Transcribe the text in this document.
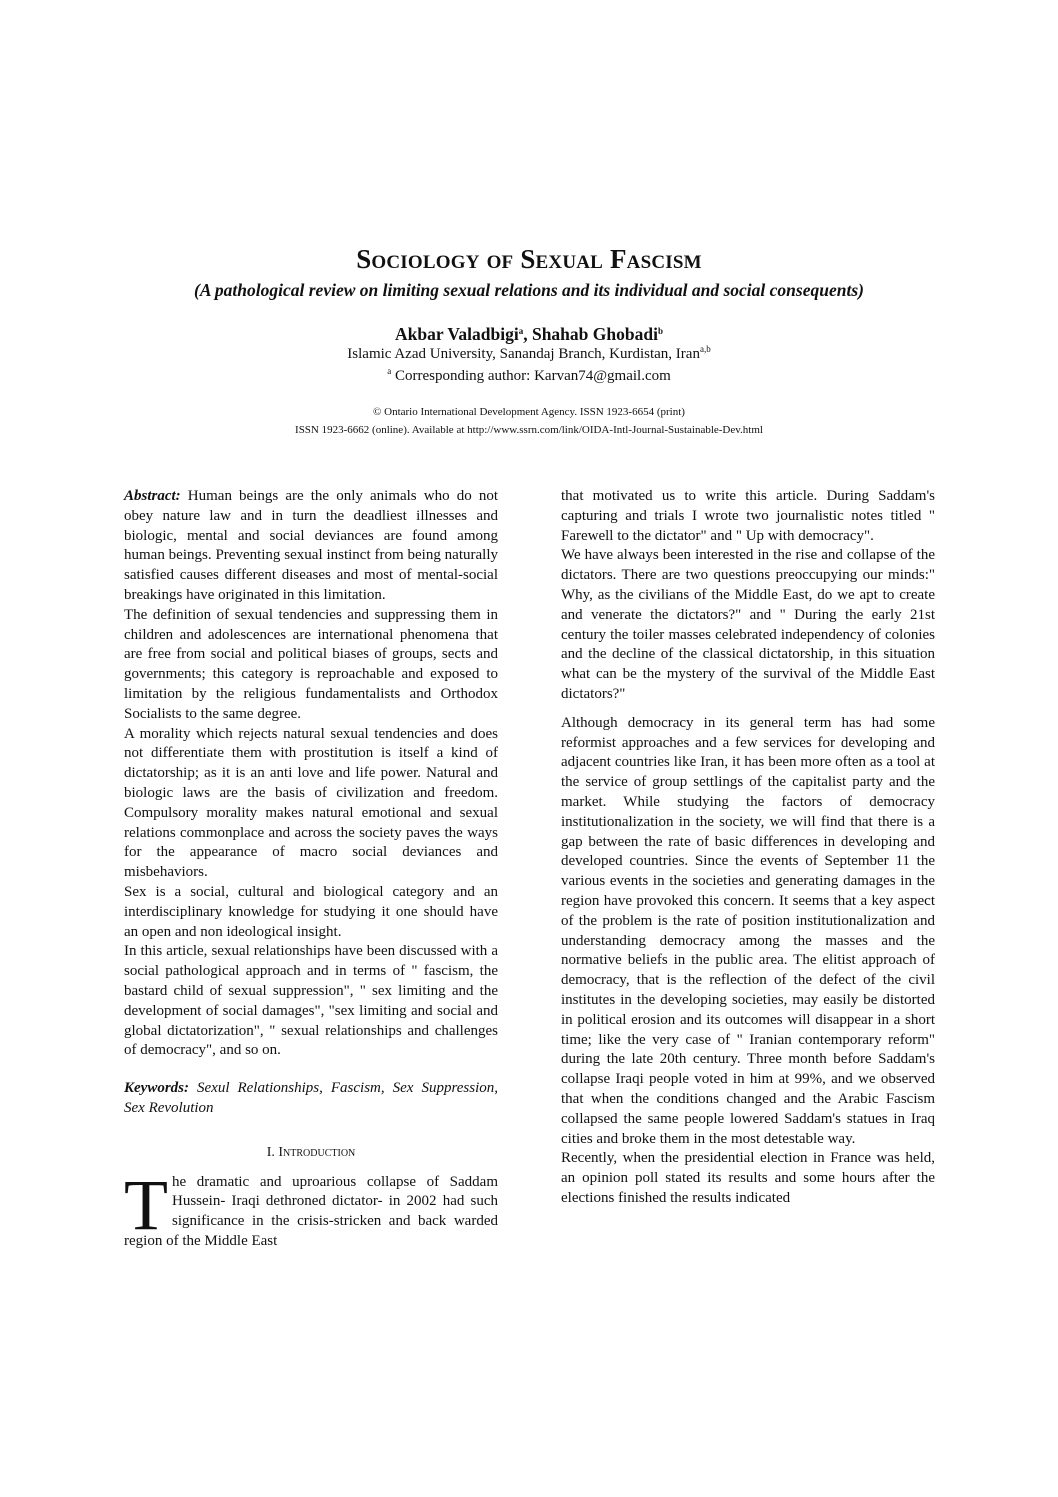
Sociology of Sexual Fascism

(A pathological review on limiting sexual relations and its individual and social consequents)

Akbar Valadbigi$^a$, Shahab Ghobadi$^b$

Islamic Azad University, Sanandaj Branch, Kurdistan, Iran$^{a,b}$

$^a$ Corresponding author: Karvan74@gmail.com

© Ontario International Development Agency. ISSN 1923-6654 (print)

ISSN 1923-6662 (online). Available at http://www.ssrn.com/link/OIDA-Intl-Journal-Sustainable-Dev.html

Abstract: Human beings are the only animals who do not obey nature law and in turn the deadliest illnesses and biologic, mental and social deviances are found among human beings. Preventing sexual instinct from being naturally satisfied causes different diseases and most of mental-social breakings have originated in this limitation.

The definition of sexual tendencies and suppressing them in children and adolescences are international phenomena that are free from social and political biases of groups, sects and governments; this category is reproachable and exposed to limitation by the religious fundamentalists and Orthodox Socialists to the same degree.

A morality which rejects natural sexual tendencies and does not differentiate them with prostitution is itself a kind of dictatorship; as it is an anti love and life power. Natural and biologic laws are the basis of civilization and freedom. Compulsory morality makes natural emotional and sexual relations commonplace and across the society paves the ways for the appearance of macro social deviances and misbehaviors.

Sex is a social, cultural and biological category and an interdisciplinary knowledge for studying it one should have an open and non ideological insight.

In this article, sexual relationships have been discussed with a social pathological approach and in terms of " fascism, the bastard child of sexual suppression", " sex limiting and the development of social damages", "sex limiting and social and global dictatorization", " sexual relationships and challenges of democracy", and so on.

Keywords: Sexul Relationships, Fascism, Sex Suppression, Sex Revolution

I. Introduction

The dramatic and uproarious collapse of Saddam Hussein- Iraqi dethroned dictator- in 2002 had such significance in the crisis-stricken and back warded region of the Middle East

that motivated us to write this article. During Saddam's capturing and trials I wrote two journalistic notes titled " Farewell to the dictator" and " Up with democracy".

We have always been interested in the rise and collapse of the dictators. There are two questions preoccupying our minds:" Why, as the civilians of the Middle East, do we apt to create and venerate the dictators?" and " During the early 21st century the toiler masses celebrated independency of colonies and the decline of the classical dictatorship, in this situation what can be the mystery of the survival of the Middle East dictators?"

Although democracy in its general term has had some reformist approaches and a few services for developing and adjacent countries like Iran, it has been more often as a tool at the service of group settlings of the capitalist party and the market. While studying the factors of democracy institutionalization in the society, we will find that there is a gap between the rate of basic differences in developing and developed countries. Since the events of September 11 the various events in the societies and generating damages in the region have provoked this concern. It seems that a key aspect of the problem is the rate of position institutionalization and understanding democracy among the masses and the normative beliefs in the public area. The elitist approach of democracy, that is the reflection of the defect of the civil institutes in the developing societies, may easily be distorted in political erosion and its outcomes will disappear in a short time; like the very case of " Iranian contemporary reform" during the late 20th century. Three month before Saddam's collapse Iraqi people voted in him at 99%, and we observed that when the conditions changed and the Arabic Fascism collapsed the same people lowered Saddam's statues in Iraq cities and broke them in the most detestable way.

Recently, when the presidential election in France was held, an opinion poll stated its results and some hours after the elections finished the results indicated
